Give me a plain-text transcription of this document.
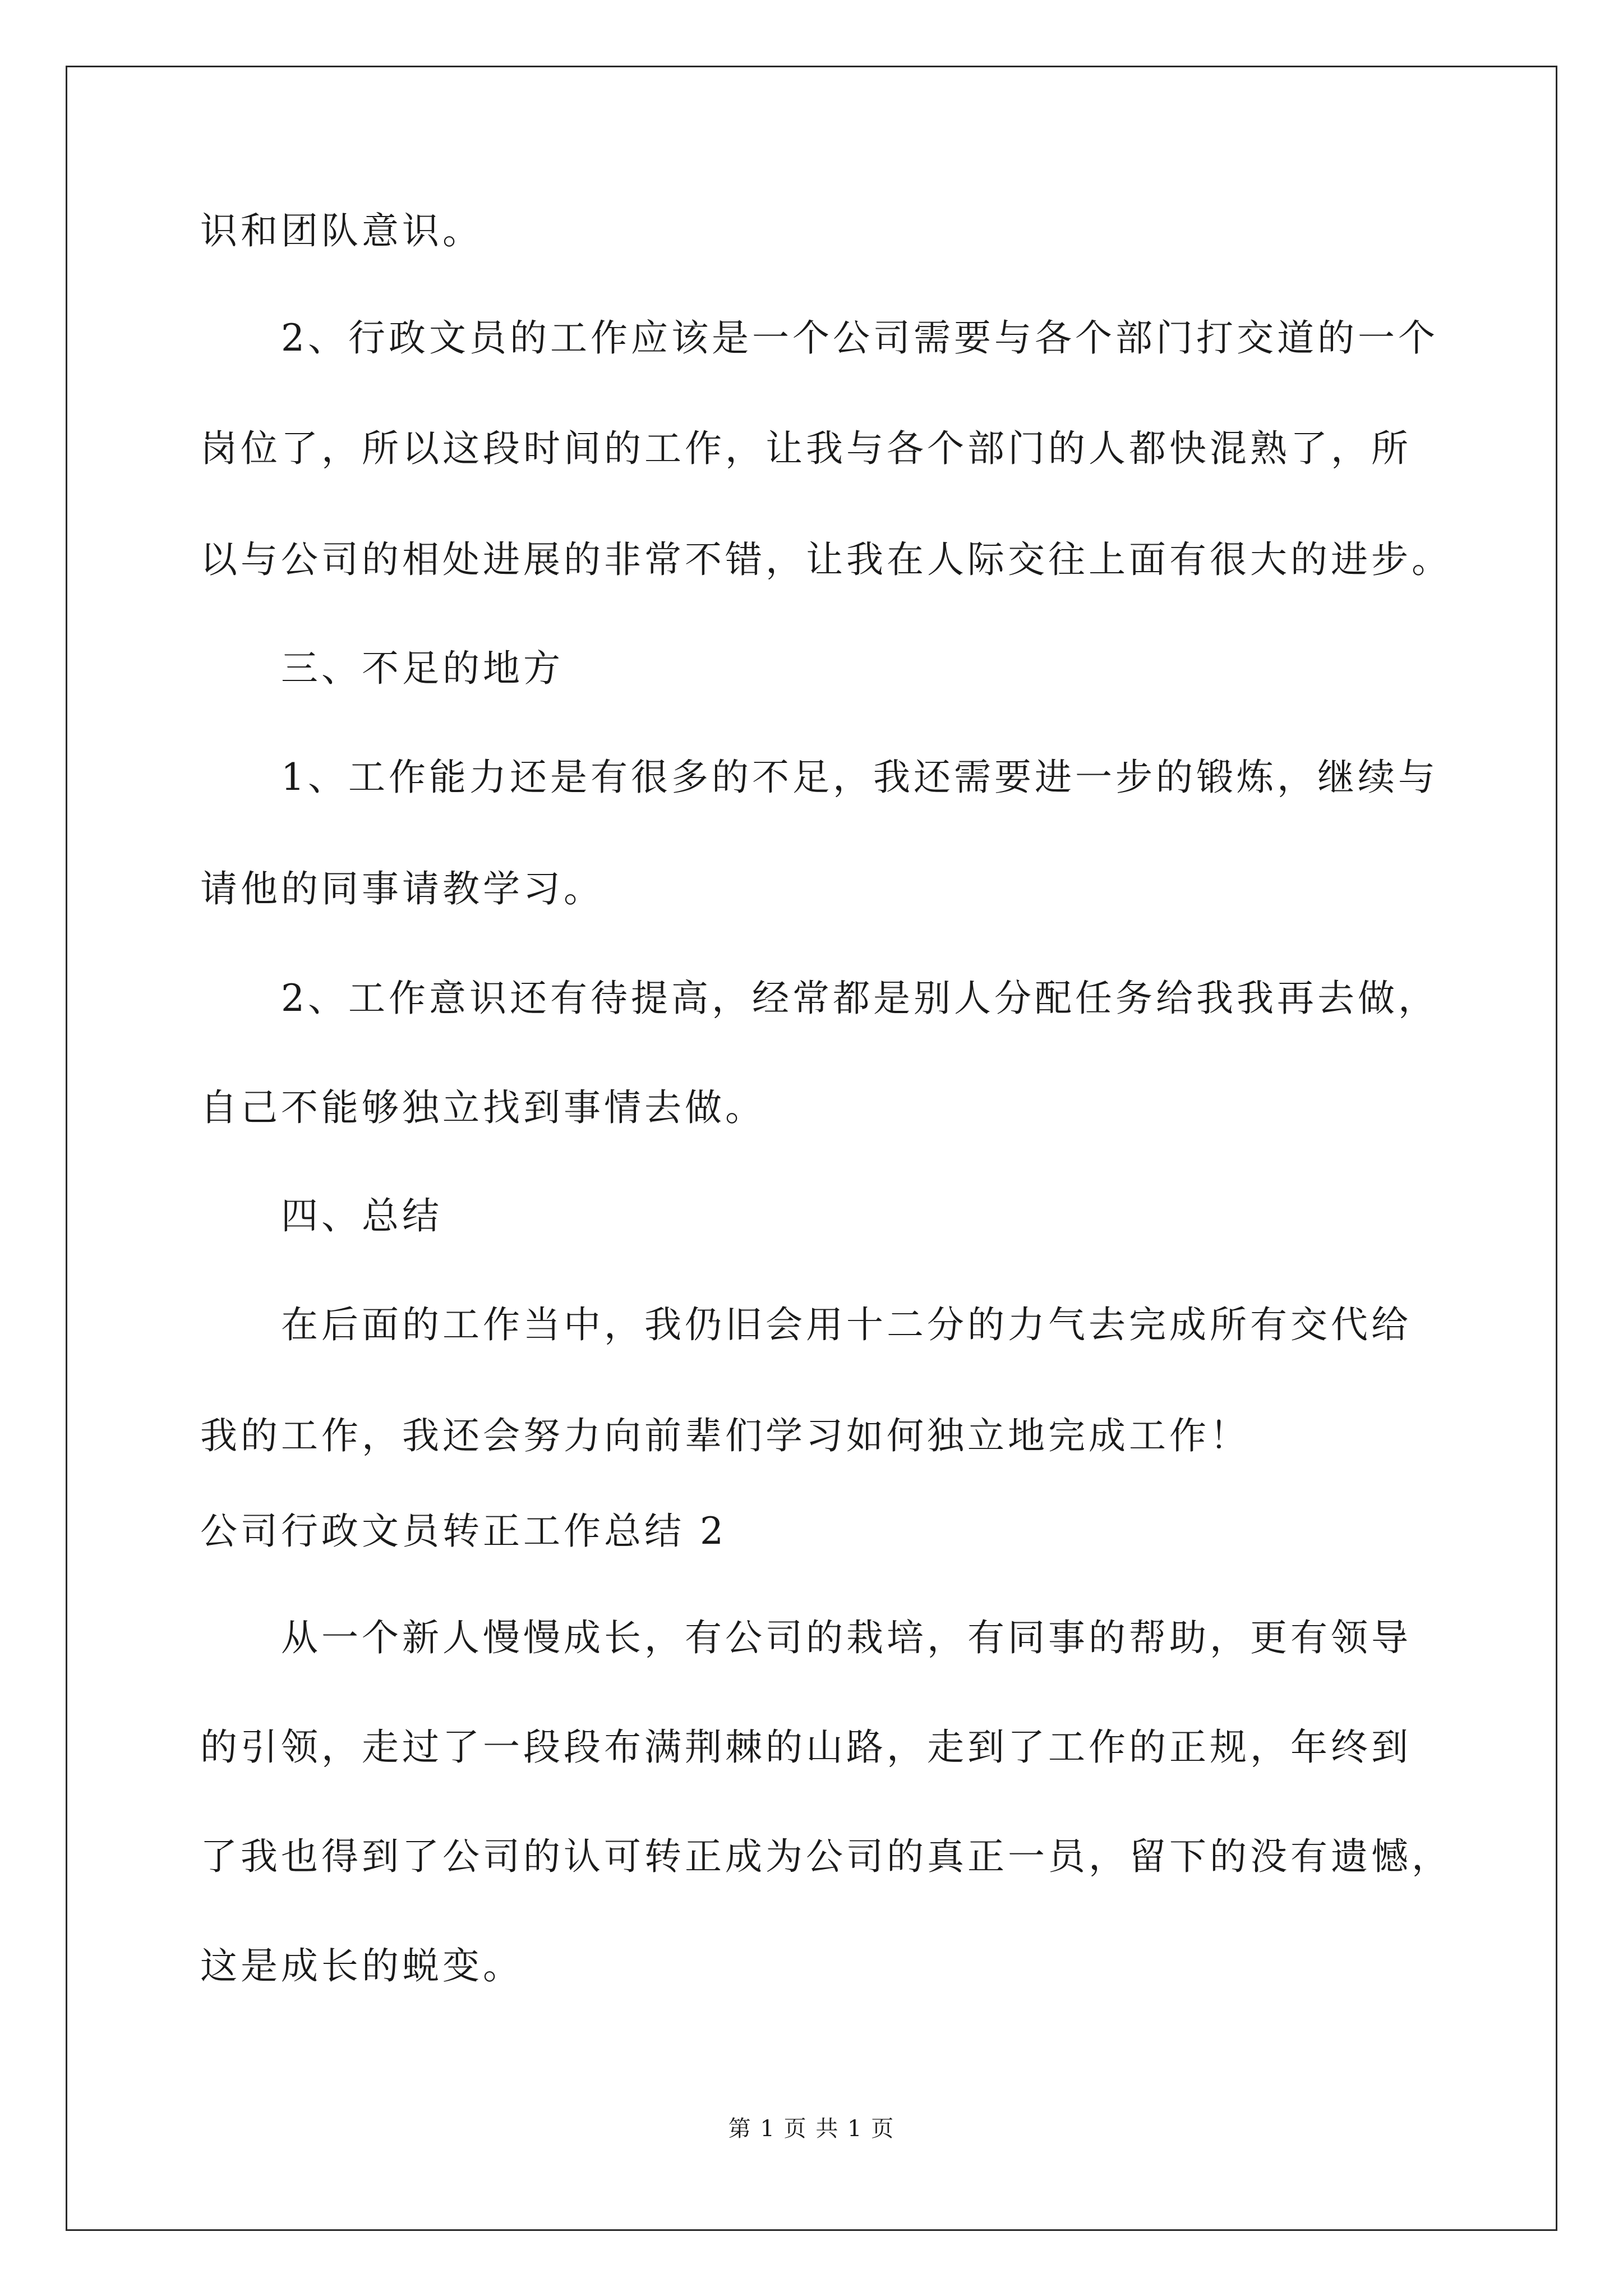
识和团队意识。
2、行政文员的工作应该是一个公司需要与各个部门打交道的一个
岗位了，所以这段时间的工作，让我与各个部门的人都快混熟了，所
以与公司的相处进展的非常不错，让我在人际交往上面有很大的进步。
三、不足的地方
1、工作能力还是有很多的不足，我还需要进一步的锻炼，继续与
请他的同事请教学习。
2、工作意识还有待提高，经常都是别人分配任务给我我再去做，
自己不能够独立找到事情去做。
四、总结
在后面的工作当中，我仍旧会用十二分的力气去完成所有交代给
我的工作，我还会努力向前辈们学习如何独立地完成工作！
公司行政文员转正工作总结 2
从一个新人慢慢成长，有公司的栽培，有同事的帮助，更有领导
的引领，走过了一段段布满荆棘的山路，走到了工作的正规，年终到
了我也得到了公司的认可转正成为公司的真正一员，留下的没有遗憾，
这是成长的蜕变。
第 1 页 共 1 页
